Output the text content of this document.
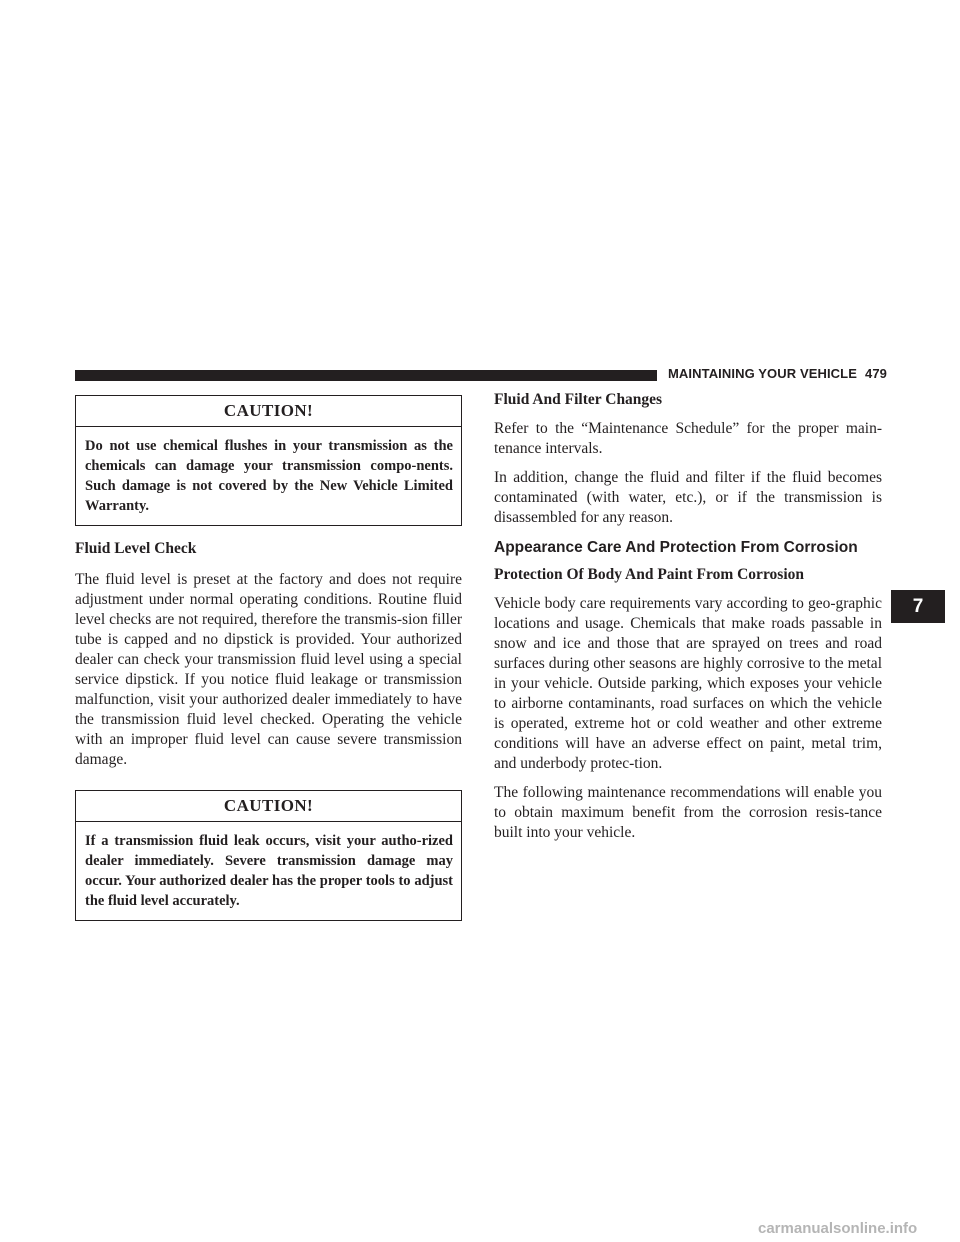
MAINTAINING YOUR VEHICLE 479
CAUTION!
Do not use chemical flushes in your transmission as the chemicals can damage your transmission compo-nents. Such damage is not covered by the New Vehicle Limited Warranty.

Fluid Level Check

The fluid level is preset at the factory and does not require adjustment under normal operating conditions. Routine fluid level checks are not required, therefore the transmis-sion filler tube is capped and no dipstick is provided. Your authorized dealer can check your transmission fluid level using a special service dipstick. If you notice fluid leakage or transmission malfunction, visit your authorized dealer immediately to have the transmission fluid level checked. Operating the vehicle with an improper fluid level can cause severe transmission damage.

CAUTION!
If a transmission fluid leak occurs, visit your autho-rized dealer immediately. Severe transmission damage may occur. Your authorized dealer has the proper tools to adjust the fluid level accurately.

Fluid And Filter Changes

Refer to the “Maintenance Schedule” for the proper main-tenance intervals.

In addition, change the fluid and filter if the fluid becomes contaminated (with water, etc.), or if the transmission is disassembled for any reason.

Appearance Care And Protection From Corrosion

Protection Of Body And Paint From Corrosion

Vehicle body care requirements vary according to geo-graphic locations and usage. Chemicals that make roads passable in snow and ice and those that are sprayed on trees and road surfaces during other seasons are highly corrosive to the metal in your vehicle. Outside parking, which exposes your vehicle to airborne contaminants, road surfaces on which the vehicle is operated, extreme hot or cold weather and other extreme conditions will have an adverse effect on paint, metal trim, and underbody protec-tion.

The following maintenance recommendations will enable you to obtain maximum benefit from the corrosion resis-tance built into your vehicle.

7
carmanualsonline.info
